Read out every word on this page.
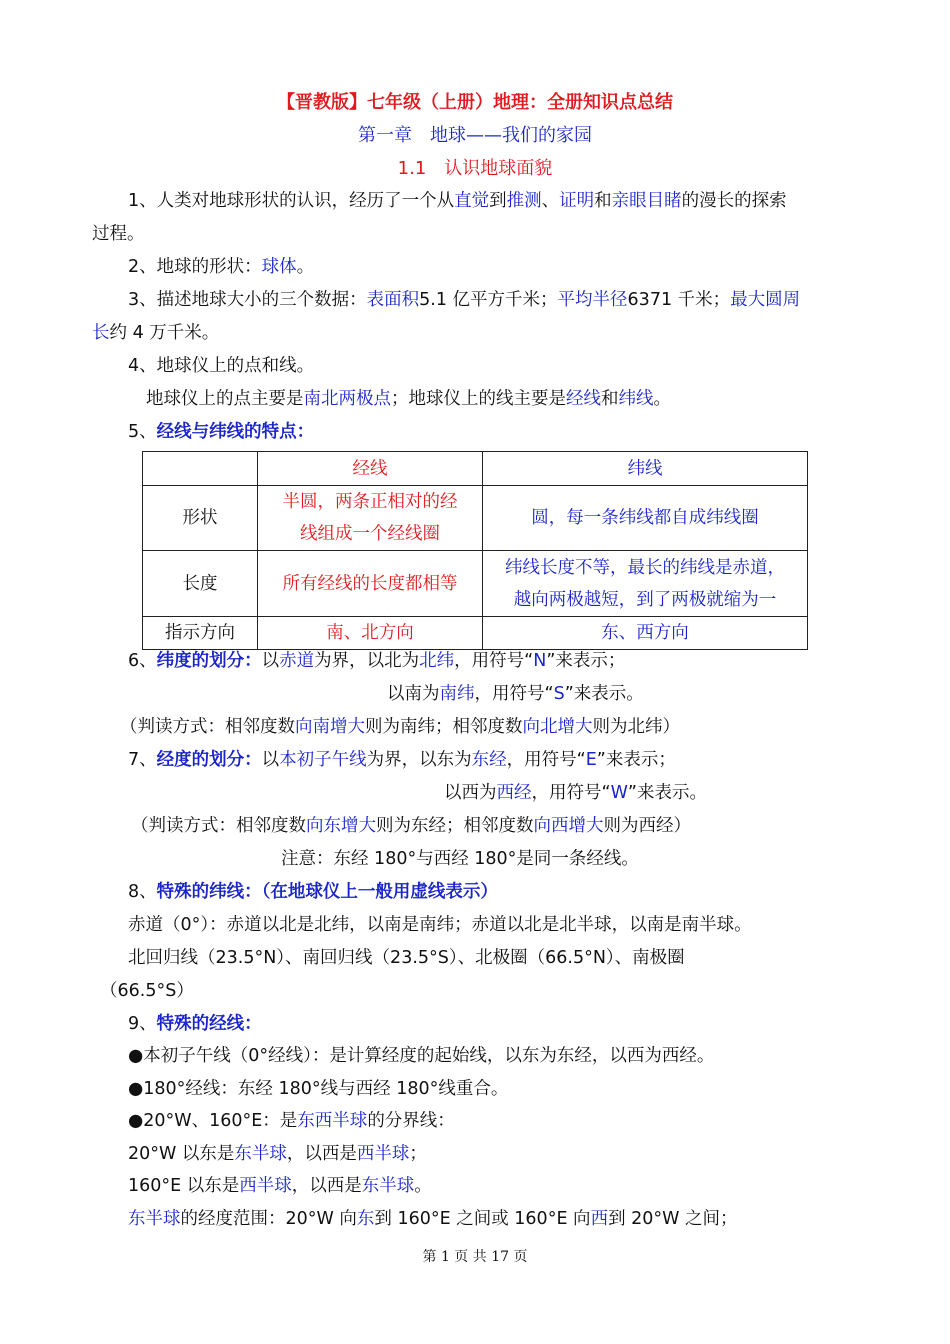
【晋教版】七年级（上册）地理：全册知识点总结
第一章　地球——我们的家园
1.1　认识地球面貌
1、人类对地球形状的认识，经历了一个从直觉到推测、证明和亲眼目睹的漫长的探索
过程。
2、地球的形状：球体。
3、描述地球大小的三个数据：表面积5.1 亿平方千米；平均半径6371 千米；最大圆周
长约 4 万千米。
4、地球仪上的点和线。
地球仪上的点主要是南北两极点；地球仪上的线主要是经线和纬线。
5、经线与纬线的特点：
	经线	纬线
形状	半圆，两条正相对的经
线组成一个经线圈	圆，每一条纬线都自成纬线圈

长度	所有经线的长度都相等	纬线长度不等，最长的纬线是赤道，
越向两极越短，到了两极就缩为一

指示方向	南、北方向	东、西方向
6、纬度的划分：以赤道为界，以北为北纬，用符号“N”来表示；
以南为南纬，用符号“S”来表示。
（判读方式：相邻度数向南增大则为南纬；相邻度数向北增大则为北纬）
7、经度的划分：以本初子午线为界，以东为东经，用符号“E”来表示；
以西为西经，用符号“W”来表示。
（判读方式：相邻度数向东增大则为东经；相邻度数向西增大则为西经）
注意：东经 180°与西经 180°是同一条经线。
8、特殊的纬线：（在地球仪上一般用虚线表示）
赤道（0°）：赤道以北是北纬，以南是南纬；赤道以北是北半球，以南是南半球。
北回归线（23.5°N）、南回归线（23.5°S）、北极圈（66.5°N）、南极圈
（66.5°S）
9、特殊的经线：
●本初子午线（0°经线）：是计算经度的起始线，以东为东经，以西为西经。
●180°经线：东经 180°线与西经 180°线重合。
●20°W、160°E：是东西半球的分界线：
20°W 以东是东半球，以西是西半球；
160°E 以东是西半球，以西是东半球。
东半球的经度范围：20°W 向东到 160°E 之间或 160°E 向西到 20°W 之间；
第 1 页 共 17 页
